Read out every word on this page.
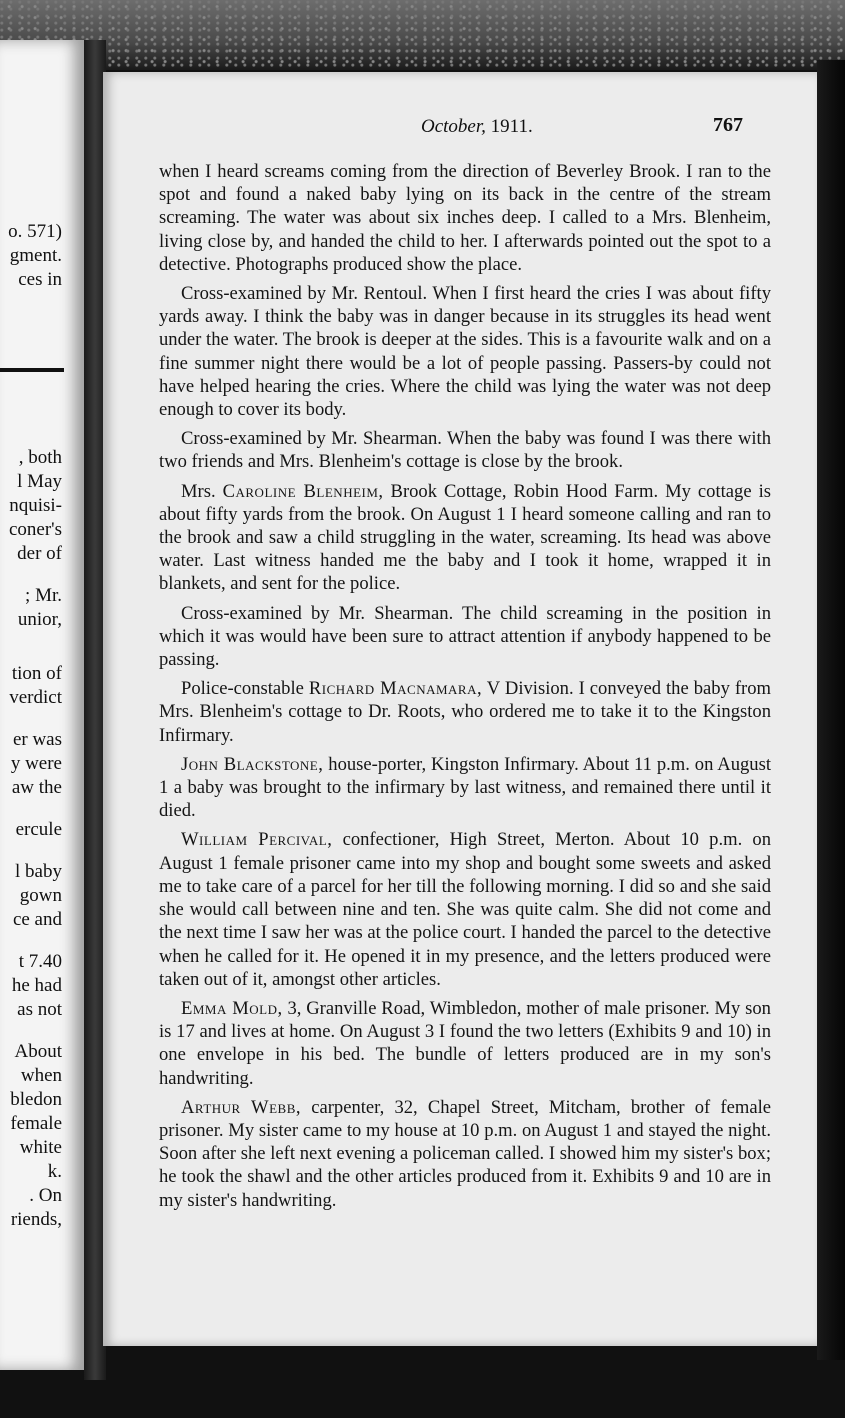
o. 571)
gment.
ces in
, both
l May
nquisi-
coner's
der of
; Mr.
unior,
tion of
verdict
er was
y were
aw the
ercule
l baby
gown
ce and
t 7.40
he had
as not
About
when
bledon
female
white
k.
. On
riends,
October, 1911.	767

when I heard screams coming from the direction of Beverley Brook. I ran to the spot and found a naked baby lying on its back in the centre of the stream screaming. The water was about six inches deep. I called to a Mrs. Blenheim, living close by, and handed the child to her. I afterwards pointed out the spot to a detective. Photographs produced show the place.

Cross-examined by Mr. Rentoul. When I first heard the cries I was about fifty yards away. I think the baby was in danger because in its struggles its head went under the water. The brook is deeper at the sides. This is a favourite walk and on a fine summer night there would be a lot of people passing. Passers-by could not have helped hearing the cries. Where the child was lying the water was not deep enough to cover its body.

Cross-examined by Mr. Shearman. When the baby was found I was there with two friends and Mrs. Blenheim's cottage is close by the brook.

Mrs. Caroline Blenheim, Brook Cottage, Robin Hood Farm. My cottage is about fifty yards from the brook. On August 1 I heard someone calling and ran to the brook and saw a child struggling in the water, screaming. Its head was above water. Last witness handed me the baby and I took it home, wrapped it in blankets, and sent for the police.

Cross-examined by Mr. Shearman. The child screaming in the position in which it was would have been sure to attract attention if anybody happened to be passing.

Police-constable Richard Macnamara, V Division. I conveyed the baby from Mrs. Blenheim's cottage to Dr. Roots, who ordered me to take it to the Kingston Infirmary.

John Blackstone, house-porter, Kingston Infirmary. About 11 p.m. on August 1 a baby was brought to the infirmary by last witness, and remained there until it died.

William Percival, confectioner, High Street, Merton. About 10 p.m. on August 1 female prisoner came into my shop and bought some sweets and asked me to take care of a parcel for her till the following morning. I did so and she said she would call between nine and ten. She was quite calm. She did not come and the next time I saw her was at the police court. I handed the parcel to the detective when he called for it. He opened it in my presence, and the letters produced were taken out of it, amongst other articles.

Emma Mold, 3, Granville Road, Wimbledon, mother of male prisoner. My son is 17 and lives at home. On August 3 I found the two letters (Exhibits 9 and 10) in one envelope in his bed. The bundle of letters produced are in my son's handwriting.

Arthur Webb, carpenter, 32, Chapel Street, Mitcham, brother of female prisoner. My sister came to my house at 10 p.m. on August 1 and stayed the night. Soon after she left next evening a policeman called. I showed him my sister's box; he took the shawl and the other articles produced from it. Exhibits 9 and 10 are in my sister's handwriting.
